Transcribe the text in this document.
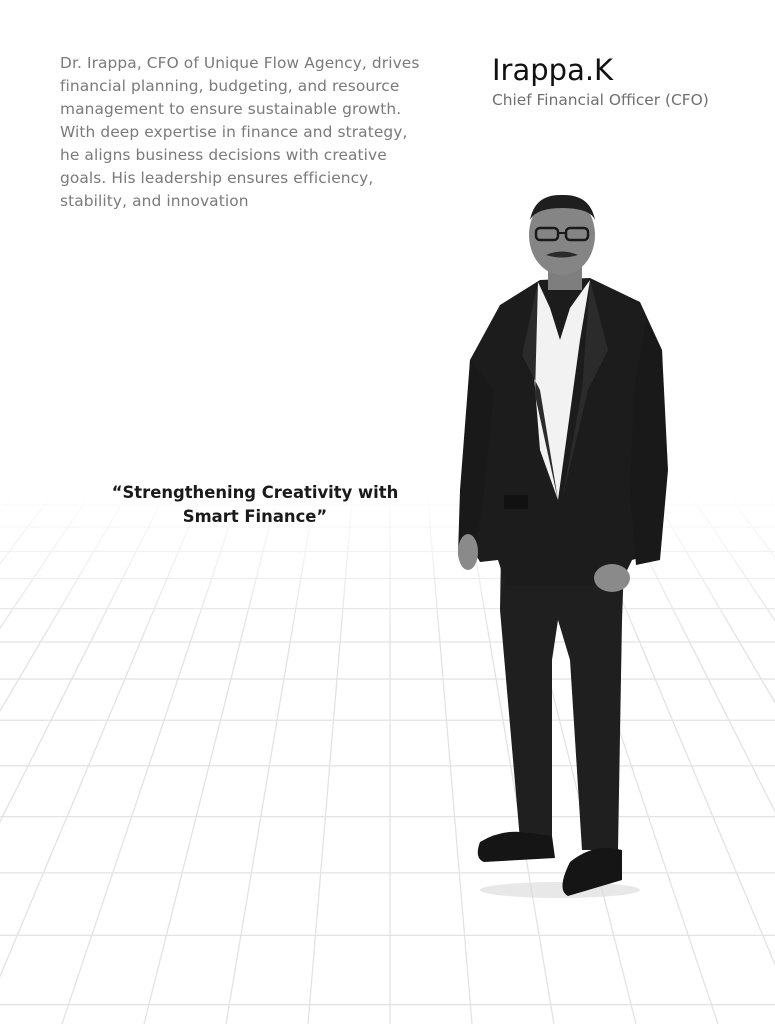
Dr. Irappa, CFO of Unique Flow Agency, drives financial planning, budgeting, and resource management to ensure sustainable growth. With deep expertise in finance and strategy, he aligns business decisions with creative goals. His leadership ensures efficiency, stability, and innovation

Irappa.K

Chief Financial Officer (CFO)

“Strengthening Creativity with Smart Finance”
